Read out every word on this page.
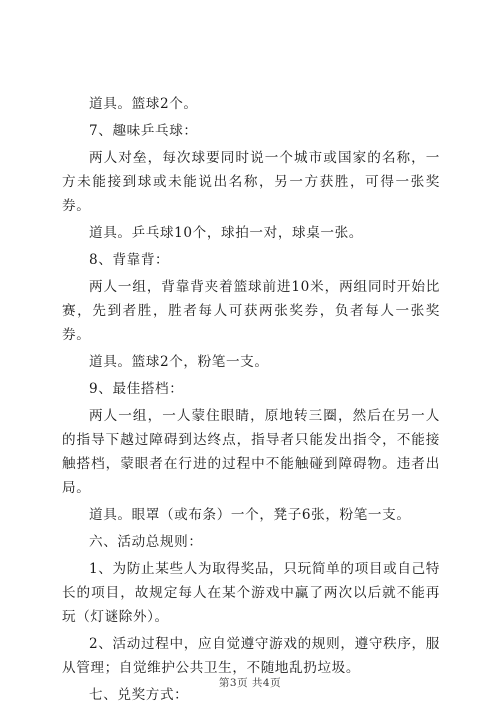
道具。篮球2个。

7、趣味乒乓球：

两人对垒，每次球要同时说一个城市或国家的名称，一方未能接到球或未能说出名称，另一方获胜，可得一张奖券。

道具。乒乓球10个，球拍一对，球桌一张。

8、背靠背：

两人一组，背靠背夹着篮球前进10米，两组同时开始比赛，先到者胜，胜者每人可获两张奖券，负者每人一张奖券。

道具。篮球2个，粉笔一支。

9、最佳搭档：

两人一组，一人蒙住眼睛，原地转三圈，然后在另一人的指导下越过障碍到达终点，指导者只能发出指令，不能接触搭档，蒙眼者在行进的过程中不能触碰到障碍物。违者出局。

道具。眼罩（或布条）一个，凳子6张，粉笔一支。

六、活动总规则：

1、为防止某些人为取得奖品，只玩简单的项目或自己特长的项目，故规定每人在某个游戏中赢了两次以后就不能再玩（灯谜除外）。

2、活动过程中，应自觉遵守游戏的规则，遵守秩序，服从管理；自觉维护公共卫生，不随地乱扔垃圾。

七、兑奖方式：

第3页 共4页
